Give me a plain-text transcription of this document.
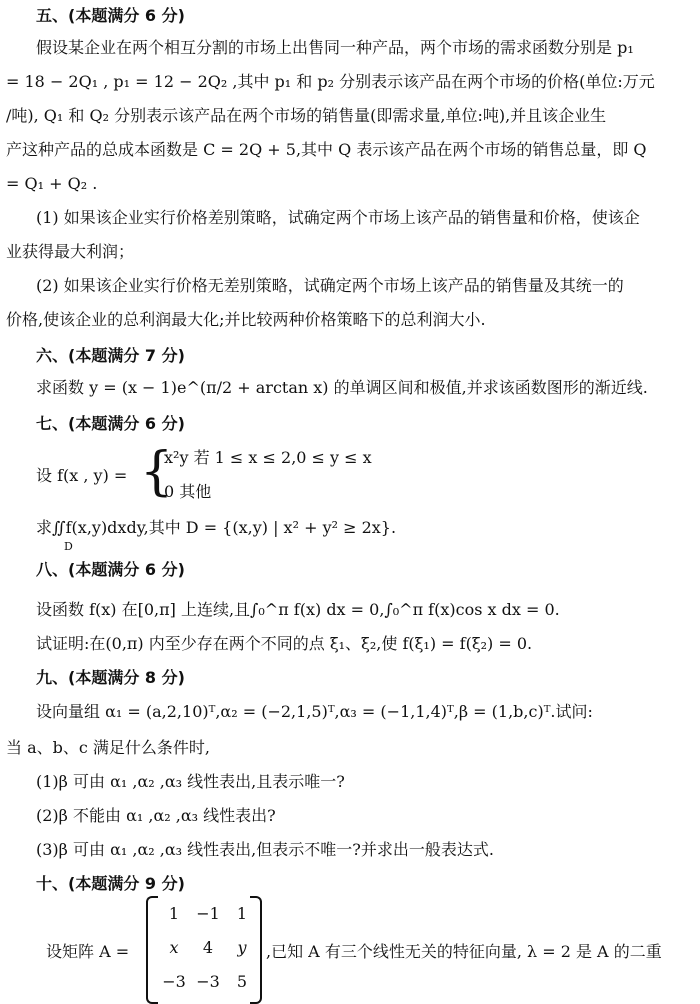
五、(本题满分 6 分)
假设某企业在两个相互分割的市场上出售同一种产品，两个市场的需求函数分别是 p₁
= 18 − 2Q₁ , p₁ = 12 − 2Q₂ ,其中 p₁ 和 p₂ 分别表示该产品在两个市场的价格(单位:万元
/吨), Q₁ 和 Q₂ 分别表示该产品在两个市场的销售量(即需求量,单位:吨),并且该企业生
产这种产品的总成本函数是 C = 2Q + 5,其中 Q 表示该产品在两个市场的销售总量，即 Q
= Q₁ + Q₂ .
(1) 如果该企业实行价格差别策略，试确定两个市场上该产品的销售量和价格，使该企
业获得最大利润；
(2) 如果该企业实行价格无差别策略，试确定两个市场上该产品的销售量及其统一的
价格,使该企业的总利润最大化;并比较两种价格策略下的总利润大小.
六、(本题满分 7 分)
求函数 y = (x − 1)e^(π/2 + arctan x) 的单调区间和极值,并求该函数图形的渐近线.
七、(本题满分 6 分)
设 f(x , y) = {
x²y 若 1 ≤ x ≤ 2,0 ≤ y ≤ x
0 其他
求∬f(x,y)dxdy,其中 D = {(x,y) | x² + y² ≥ 2x}.
D
八、(本题满分 6 分)
设函数 f(x) 在[0,π] 上连续,且∫₀^π f(x) dx = 0,∫₀^π f(x)cos x dx = 0.
试证明:在(0,π) 内至少存在两个不同的点 ξ₁、ξ₂,使 f(ξ₁) = f(ξ₂) = 0.
九、(本题满分 8 分)
设向量组 α₁ = (a,2,10)ᵀ,α₂ = (−2,1,5)ᵀ,α₃ = (−1,1,4)ᵀ,β = (1,b,c)ᵀ.试问:
当 a、b、c 满足什么条件时,
(1)β 可由 α₁ ,α₂ ,α₃ 线性表出,且表示唯一?
(2)β 不能由 α₁ ,α₂ ,α₃ 线性表出?
(3)β 可由 α₁ ,α₂ ,α₃ 线性表出,但表示不唯一?并求出一般表达式.
十、(本题满分 9 分)
设矩阵 A =
1	−1	1
x	4	y
−3 −3	5
,已知 A 有三个线性无关的特征向量, λ = 2 是 A 的二重
